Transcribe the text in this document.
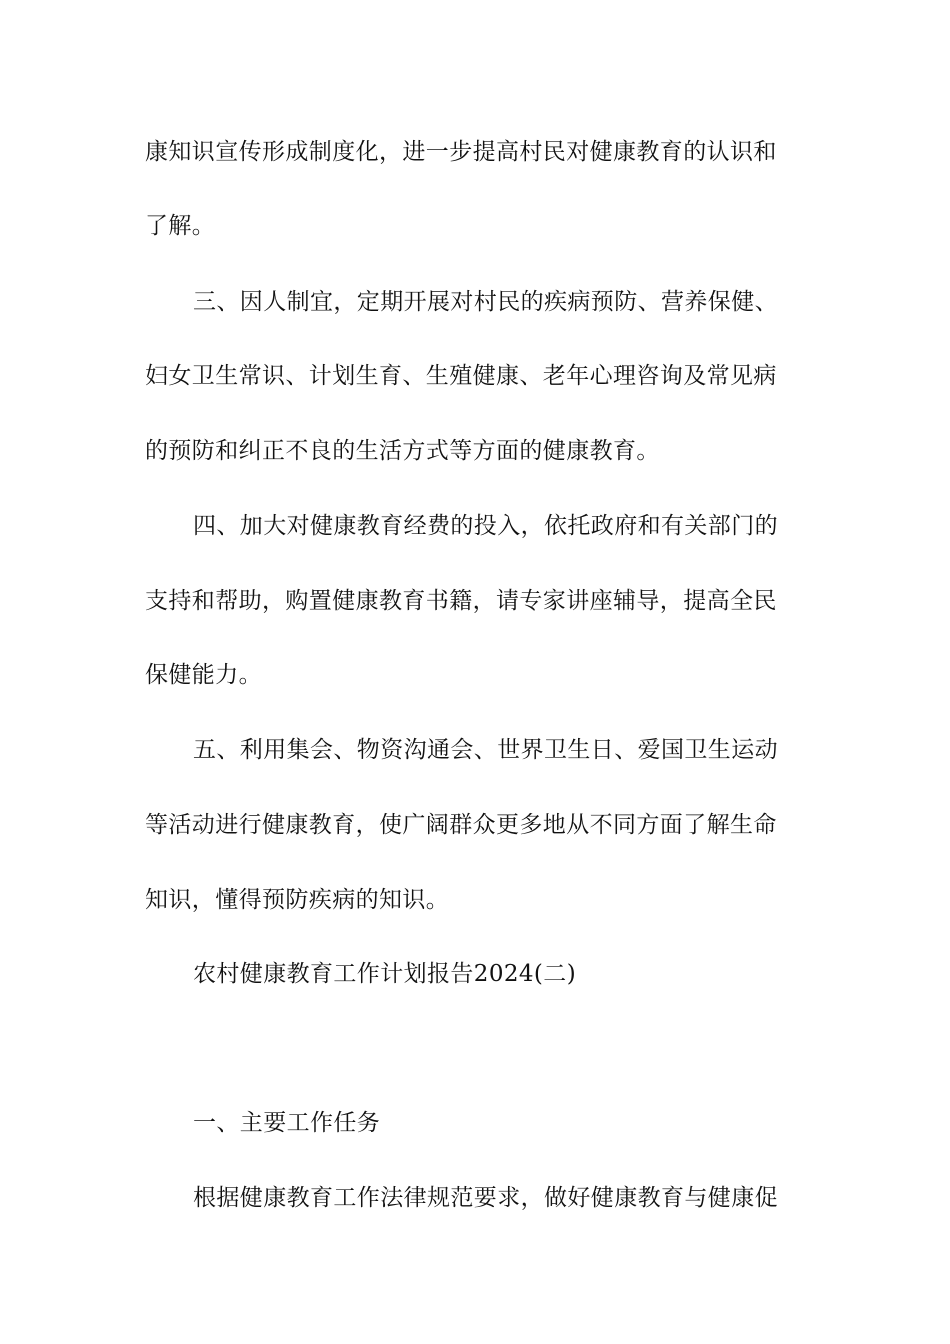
康知识宣传形成制度化，进一步提高村民对健康教育的认识和
了解。
三、因人制宜，定期开展对村民的疾病预防、营养保健、
妇女卫生常识、计划生育、生殖健康、老年心理咨询及常见病
的预防和纠正不良的生活方式等方面的健康教育。
四、加大对健康教育经费的投入，依托政府和有关部门的
支持和帮助，购置健康教育书籍，请专家讲座辅导，提高全民
保健能力。
五、利用集会、物资沟通会、世界卫生日、爱国卫生运动
等活动进行健康教育，使广阔群众更多地从不同方面了解生命
知识，懂得预防疾病的知识。
农村健康教育工作计划报告2024(二)
一、主要工作任务
根据健康教育工作法律规范要求，做好健康教育与健康促
